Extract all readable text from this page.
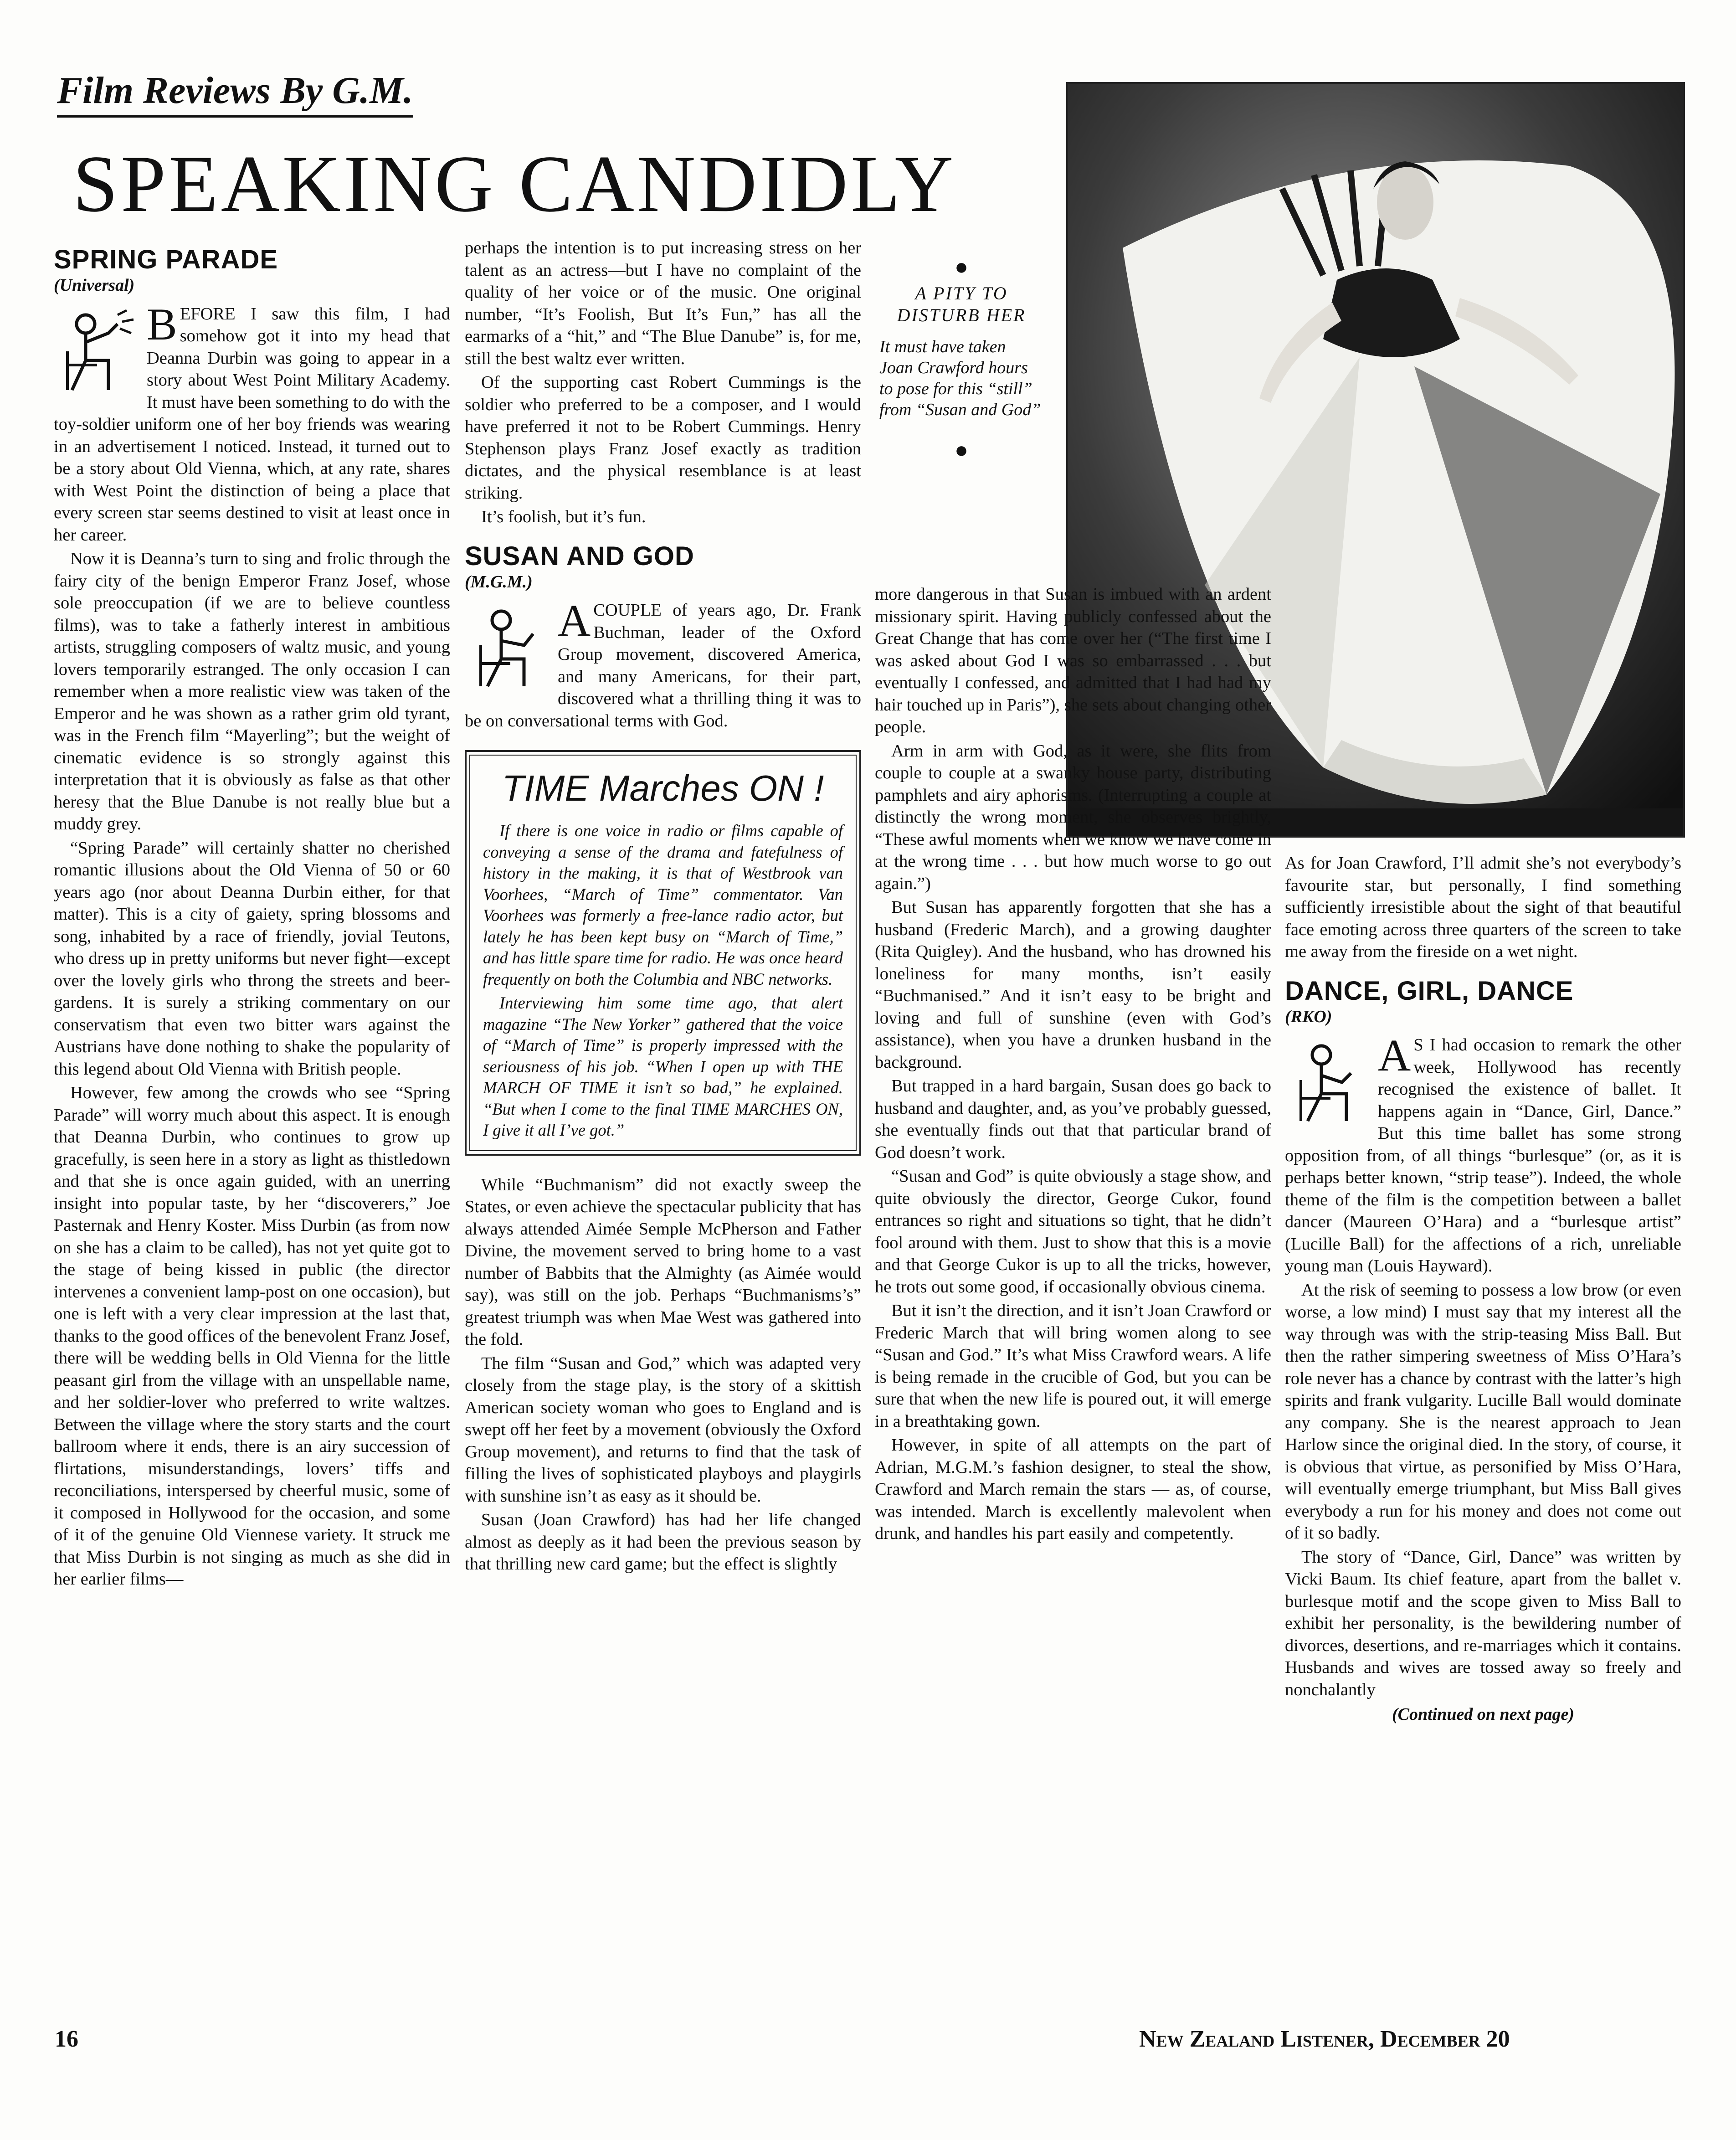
Film Reviews By G.M.
SPEAKING CANDIDLY
SPRING PARADE
(Universal)
B EFORE I saw this film, I had somehow got it into my head that Deanna Durbin was going to appear in a story about West Point Military Academy. It must have been something to do with the toy-soldier uniform one of her boy friends was wearing in an advertisement I noticed. Instead, it turned out to be a story about Old Vienna, which, at any rate, shares with West Point the distinction of being a place that every screen star seems destined to visit at least once in her career.

Now it is Deanna’s turn to sing and frolic through the fairy city of the benign Emperor Franz Josef, whose sole preoccupation (if we are to believe countless films), was to take a fatherly interest in ambitious artists, struggling composers of waltz music, and young lovers temporarily estranged. The only occasion I can remember when a more realistic view was taken of the Emperor and he was shown as a rather grim old tyrant, was in the French film “Mayerling”; but the weight of cinematic evidence is so strongly against this interpretation that it is obviously as false as that other heresy that the Blue Danube is not really blue but a muddy grey.

“Spring Parade” will certainly shatter no cherished romantic illusions about the Old Vienna of 50 or 60 years ago (nor about Deanna Durbin either, for that matter). This is a city of gaiety, spring blossoms and song, inhabited by a race of friendly, jovial Teutons, who dress up in pretty uniforms but never fight—except over the lovely girls who throng the streets and beer-gardens. It is surely a striking commentary on our conservatism that even two bitter wars against the Austrians have done nothing to shake the popularity of this legend about Old Vienna with British people.

However, few among the crowds who see “Spring Parade” will worry much about this aspect. It is enough that Deanna Durbin, who continues to grow up gracefully, is seen here in a story as light as thistledown and that she is once again guided, with an unerring insight into popular taste, by her “discoverers,” Joe Pasternak and Henry Koster. Miss Durbin (as from now on she has a claim to be called), has not yet quite got to the stage of being kissed in public (the director intervenes a convenient lamp-post on one occasion), but one is left with a very clear impression at the last that, thanks to the good offices of the benevolent Franz Josef, there will be wedding bells in Old Vienna for the little peasant girl from the village with an unspellable name, and her soldier-lover who preferred to write waltzes. Between the village where the story starts and the court ballroom where it ends, there is an airy succession of flirtations, misunderstandings, lovers’ tiffs and reconciliations, interspersed by cheerful music, some of it composed in Hollywood for the occasion, and some of it of the genuine Old Viennese variety. It struck me that Miss Durbin is not singing as much as she did in her earlier films—

perhaps the intention is to put increasing stress on her talent as an actress—but I have no complaint of the quality of her voice or of the music. One original number, “It’s Foolish, But It’s Fun,” has all the earmarks of a “hit,” and “The Blue Danube” is, for me, still the best waltz ever written.

Of the supporting cast Robert Cummings is the soldier who preferred to be a composer, and I would have preferred it not to be Robert Cummings. Henry Stephenson plays Franz Josef exactly as tradition dictates, and the physical resemblance is at least striking.

It’s foolish, but it’s fun.

SUSAN AND GOD
(M.G.M.)
A COUPLE of years ago, Dr. Frank Buchman, leader of the Oxford Group movement, discovered America, and many Americans, for their part, discovered what a thrilling thing it was to be on conversational terms with God.

TIME Marches ON !

If there is one voice in radio or films capable of conveying a sense of the drama and fatefulness of history in the making, it is that of Westbrook van Voorhees, “March of Time” commentator. Van Voorhees was formerly a free-lance radio actor, but lately he has been kept busy on “March of Time,” and has little spare time for radio. He was once heard frequently on both the Columbia and NBC networks.

Interviewing him some time ago, that alert magazine “The New Yorker” gathered that the voice of “March of Time” is properly impressed with the seriousness of his job. “When I open up with THE MARCH OF TIME it isn’t so bad,” he explained. “But when I come to the final TIME MARCHES ON, I give it all I’ve got.”

While “Buchmanism” did not exactly sweep the States, or even achieve the spectacular publicity that has always attended Aimée Semple McPherson and Father Divine, the movement served to bring home to a vast number of Babbits that the Almighty (as Aimée would say), was still on the job. Perhaps “Buchmanisms’s” greatest triumph was when Mae West was gathered into the fold.

The film “Susan and God,” which was adapted very closely from the stage play, is the story of a skittish American society woman who goes to England and is swept off her feet by a movement (obviously the Oxford Group movement), and returns to find that the task of filling the lives of sophisticated playboys and playgirls with sunshine isn’t as easy as it should be.

Susan (Joan Crawford) has had her life changed almost as deeply as it had been the previous season by that thrilling new card game; but the effect is slightly

●
A PITY TO DISTURB HER
It must have taken Joan Crawford hours to pose for this “still” from “Susan and God”
●

more dangerous in that Susan is imbued with an ardent missionary spirit. Having publicly confessed about the Great Change that has come over her (“The first time I was asked about God I was so embarrassed . . . but eventually I confessed, and admitted that I had had my hair touched up in Paris”), she sets about changing other people.

Arm in arm with God, as it were, she flits from couple to couple at a swanky house party, distributing pamphlets and airy aphorisms. (Interrupting a couple at distinctly the wrong moment, she observes brightly, “These awful moments when we know we have come in at the wrong time . . . but how much worse to go out again.”)

But Susan has apparently forgotten that she has a husband (Frederic March), and a growing daughter (Rita Quigley). And the husband, who has drowned his loneliness for many months, isn’t easily “Buchmanised.” And it isn’t easy to be bright and loving and full of sunshine (even with God’s assistance), when you have a drunken husband in the background.

But trapped in a hard bargain, Susan does go back to husband and daughter, and, as you’ve probably guessed, she eventually finds out that that particular brand of God doesn’t work.

“Susan and God” is quite obviously a stage show, and quite obviously the director, George Cukor, found entrances so right and situations so tight, that he didn’t fool around with them. Just to show that this is a movie and that George Cukor is up to all the tricks, however, he trots out some good, if occasionally obvious cinema.

But it isn’t the direction, and it isn’t Joan Crawford or Frederic March that will bring women along to see “Susan and God.” It’s what Miss Crawford wears. A life is being remade in the crucible of God, but you can be sure that when the new life is poured out, it will emerge in a breathtaking gown.

However, in spite of all attempts on the part of Adrian, M.G.M.’s fashion designer, to steal the show, Crawford and March remain the stars — as, of course, was intended. March is excellently malevolent when drunk, and handles his part easily and competently.

As for Joan Crawford, I’ll admit she’s not everybody’s favourite star, but personally, I find something sufficiently irresistible about the sight of that beautiful face emoting across three quarters of the screen to take me away from the fireside on a wet night.

DANCE, GIRL, DANCE
(RKO)
A S I had occasion to remark the other week, Hollywood has recently recognised the existence of ballet. It happens again in “Dance, Girl, Dance.” But this time ballet has some strong opposition from, of all things “burlesque” (or, as it is perhaps better known, “strip tease”). Indeed, the whole theme of the film is the competition between a ballet dancer (Maureen O’Hara) and a “burlesque artist” (Lucille Ball) for the affections of a rich, unreliable young man (Louis Hayward).

At the risk of seeming to possess a low brow (or even worse, a low mind) I must say that my interest all the way through was with the strip-teasing Miss Ball. But then the rather simpering sweetness of Miss O’Hara’s role never has a chance by contrast with the latter’s high spirits and frank vulgarity. Lucille Ball would dominate any company. She is the nearest approach to Jean Harlow since the original died. In the story, of course, it is obvious that virtue, as personified by Miss O’Hara, will eventually emerge triumphant, but Miss Ball gives everybody a run for his money and does not come out of it so badly.

The story of “Dance, Girl, Dance” was written by Vicki Baum. Its chief feature, apart from the ballet v. burlesque motif and the scope given to Miss Ball to exhibit her personality, is the bewildering number of divorces, desertions, and re-marriages which it contains. Husbands and wives are tossed away so freely and nonchalantly

(Continued on next page)
16	New Zealand Listener, December 20
